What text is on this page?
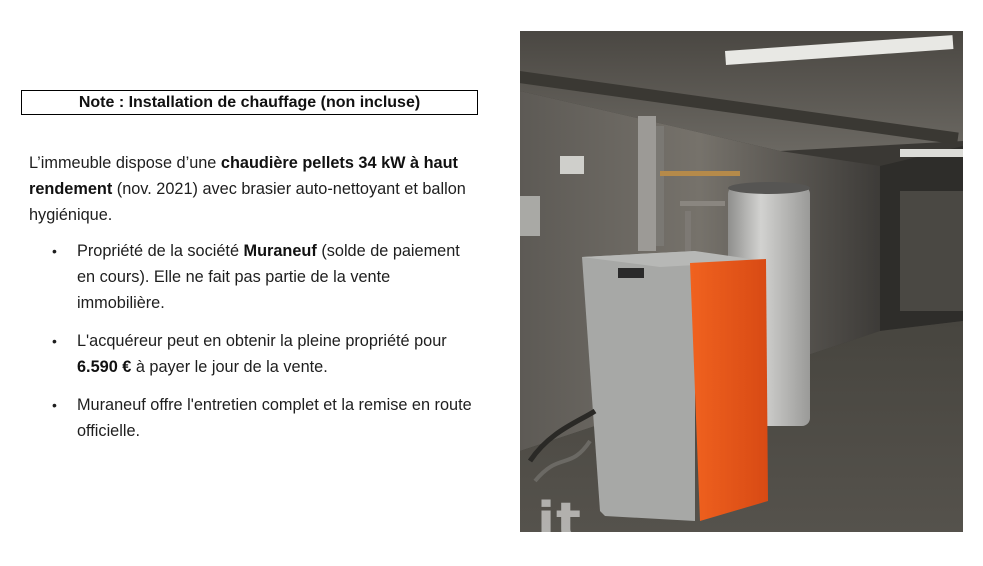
Note : Installation de chauffage (non incluse)

L’immeuble dispose d’une chaudière pellets 34 kW à haut rendement (nov. 2021) avec brasier auto-nettoyant et ballon hygiénique.

• Propriété de la société Muraneuf (solde de paiement en cours). Elle ne fait pas partie de la vente immobilière.
• L'acquéreur peut en obtenir la pleine propriété pour 6.590 € à payer le jour de la vente.
• Muraneuf offre l'entretien complet et la remise en route officielle.
dc it
